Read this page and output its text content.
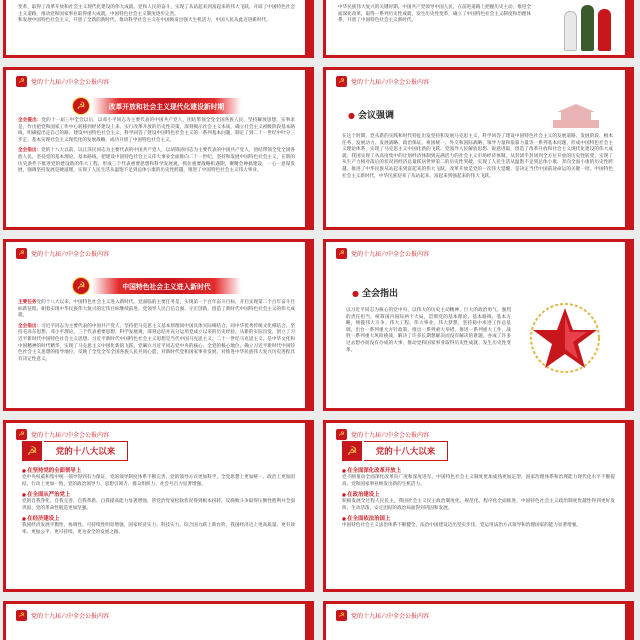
变革，取得了改革开放和社会主义现代化建设的伟大成就。党和人民的奋斗，实现了从站起来到富起来的伟大飞跃，开辟了中国特色社会主义道路，推动党和国家事业取得重大成就，中国特色社会主义制度逐步完善。

和发展中国特色社会主义，开创了全新的新时代，推动科学社会主义在中国焕发出强大生机活力，中国人民从此迈进新时代。

中华民族伟大复兴的关键时期。中国共产党领导中国人民，在前进道路上把握历史主动，推进全面深化改革，取得一系列历史性成就，发生历史性变革，确立了中国特色社会主义制度和治理体系，开创了中国特色社会主义新时代。

☭	党的十九届六中全会公报内容
☭	改革开放和社会主义现代化建设新时期

全会提出：党的十一届三中全会以后，以邓小平同志为主要代表的中国共产党人，团结带领全党全国各族人民，坚持解放思想、实事求是，作出把党和国家工作中心转移到经济建设上来、实行改革开放的历史性决策，深刻揭示社会主义本质，确立社会主义初级阶段基本路线，明确提出走自己的路、建设中国特色社会主义，科学回答了建设中国特色社会主义的一系列基本问题，制定了到二十一世纪中叶分三步走、基本实现社会主义现代化的发展战略，成功开创了中国特色社会主义。

全会指出：党的十八大以前，以江泽民同志为主要代表的中国共产党人，以胡锦涛同志为主要代表的中国共产党人，团结带领全党全国各族人民，坚持党的基本理论、基本路线，把建设中国特色社会主义伟大事业全面推向二十一世纪，坚持和发展中国特色社会主义，在新的历史条件下推进党的建设新的伟大工程，形成三个代表重要思想和科学发展观，抓住重要战略机遇期，聚精会神搞建设，一心一意谋发展，强调坚持发展是硬道理，实现了人民生活从温饱不足到总体小康的历史性跨越，推进了中国特色社会主义伟大事业。

☭	党的十九届六中全会公报内容
● 会议强调

在这个时期，党从新的实践和时代特征出发坚持和发展马克思主义，科学回答了建设中国特色社会主义的发展道路、发展阶段、根本任务、发展动力、发展战略、政治保证、祖国统一、外交和国际战略、领导力量和依靠力量等一系列基本问题，形成中国特色社会主义理论体系，实现了马克思主义中国化新的飞跃。党领导人民解放思想、锐意进取，创造了改革开放和社会主义现代化建设的伟大成就，我国实现了从高度集中的计划经济体制到充满活力的社会主义市场经济体制、从封闭半封闭到全方位开放的历史性转变，实现了从生产力相对落后的状况到经济总量跃居世界第二的历史性突破，实现了人民生活从温饱不足到总体小康、奔向全面小康的历史性跨越，推进了中华民族从站起来到富起来的伟大飞跃。改革开放是党的一次伟大觉醒，是决定当代中国前途命运的关键一招。中国特色社会主义新时代，中华民族迎来了从站起来、富起来到强起来的伟大飞跃。

☭	党的十九届六中全会公报内容
☭	中国特色社会主义进入新时代

主要任务党的十八大以来，中国特色社会主义进入新时代。党面临的主要任务是，实现第一个百年奋斗目标，开启实现第二个百年奋斗目标新征程，朝着实现中华民族伟大复兴的宏伟目标继续前进。党领导人民自信自强、守正创新，创造了新时代中国特色社会主义的伟大成就。

全会指出：习近平同志为主要代表的中国共产党人，坚持把马克思主义基本原理同中国具体实际相结合、同中华优秀传统文化相结合，坚持毛泽东思想、邓小平理论、三个代表重要思想、科学发展观，深刻总结并充分运用党成立以来的历史经验，从新的实际出发，创立了习近平新时代中国特色社会主义思想。习近平新时代中国特色社会主义思想是当代中国马克思主义、二十一世纪马克思主义，是中华文化和中国精神的时代精华，实现了马克思主义中国化新的飞跃。党确立习近平同志党中央的核心、全党的核心地位，确立习近平新时代中国特色社会主义思想的指导地位，反映了全党全军全国各族人民共同心愿，对新时代党和国家事业发展、对推进中华民族伟大复兴历史进程具有决定性意义。

☭	党的十九届六中全会公报内容
● 全会指出

以习近平同志为核心的党中央，以伟大的历史主动精神、巨大的政治勇气、强烈的责任担当，统筹国内国际两个大局，贯彻党的基本理论、基本路线、基本方略，统揽伟大斗争、伟大工程、伟大事业、伟大梦想，坚持稳中求进工作总基调，出台一系列重大方针政策，推出一系列重大举措，推进一系列重大工作，战胜一系列重大风险挑战，解决了许多长期想解决而没有解决的难题，办成了许多过去想办而没有办成的大事，推动党和国家事业取得历史性成就、发生历史性变革。

☭	党的十九届六中全会公报内容
☭	党的十八大以来
■ 在坚持党的全面领导上

党中央权威和集中统一领导得到有力保证，党的领导制度体系不断完善，党的领导方式更加科学，全党思想上更加统一、政治上更加团结、行动上更加一致，党的政治领导力、思想引领力、群众组织力、社会号召力显著增强。

■ 在全面从严治党上

党的自我净化、自我完善、自我革新、自我提高能力显著增强，管党治党宽松软状况得到根本扭转，反腐败斗争取得压倒性胜利并全面巩固，党的革命性锻造更加坚强。

■ 在经济建设上

我国经济发展平衡性、协调性、可持续性明显增强，国家经济实力、科技实力、综合国力跃上新台阶，我国经济迈上更高质量、更有效率、更加公平、更可持续、更为安全的发展之路。

☭	党的十九届六中全会公报内容
☭	党的十八大以来
■ 在全面深化改革开放上

党不断推动全面深化改革向广度和深度进军，中国特色社会主义制度更加成熟更加定型，国家治理体系和治理能力现代化水平不断提高，党和国家事业焕发出新的生机活力。

■ 在政治建设上

积极发展全过程人民民主，我国社会主义民主政治制度化、规范化、程序化全面推进，中国特色社会主义政治制度优越性得到更好发挥，生动活泼、安定团结的政治局面得到巩固和发展。

■ 在全面依法治国上

中国特色社会主义法治体系不断健全，法治中国建设迈出坚实步伐，党运用法治方式领导和治理国家的能力显著增强。

☭	党的十九届六中全会公报内容	☭	党的十九届六中全会公报内容
